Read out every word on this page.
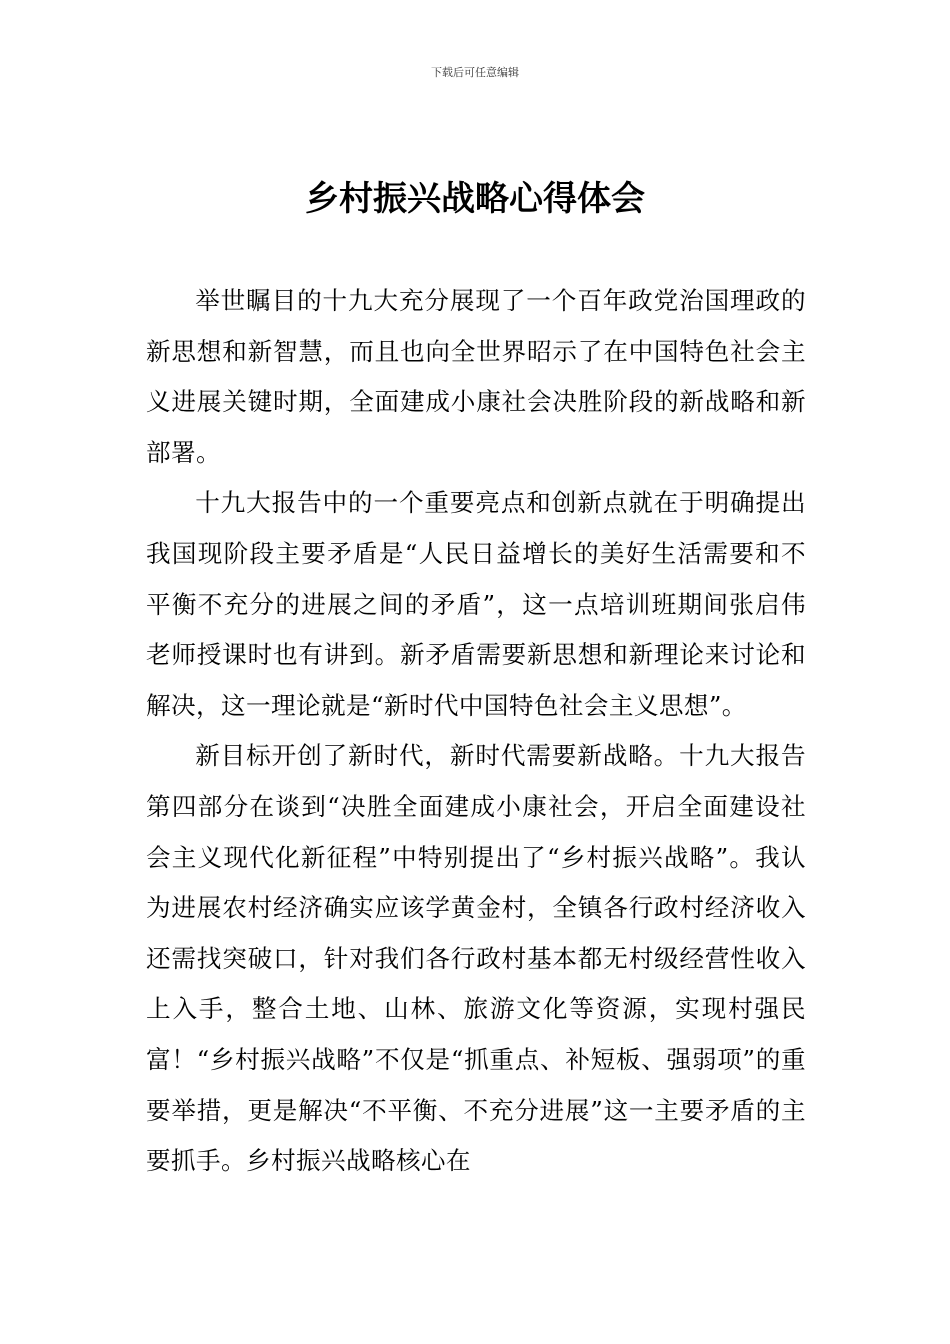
下载后可任意编辑
乡村振兴战略心得体会

举世瞩目的十九大充分展现了一个百年政党治国理政的新思想和新智慧，而且也向全世界昭示了在中国特色社会主义进展关键时期，全面建成小康社会决胜阶段的新战略和新部署。

十九大报告中的一个重要亮点和创新点就在于明确提出我国现阶段主要矛盾是“人民日益增长的美好生活需要和不平衡不充分的进展之间的矛盾”，这一点培训班期间张启伟老师授课时也有讲到。新矛盾需要新思想和新理论来讨论和解决，这一理论就是“新时代中国特色社会主义思想”。

新目标开创了新时代，新时代需要新战略。十九大报告第四部分在谈到“决胜全面建成小康社会，开启全面建设社会主义现代化新征程”中特别提出了“乡村振兴战略”。我认为进展农村经济确实应该学黄金村，全镇各行政村经济收入还需找突破口，针对我们各行政村基本都无村级经营性收入上入手，整合土地、山林、旅游文化等资源，实现村强民富！“乡村振兴战略”不仅是“抓重点、补短板、强弱项”的重要举措，更是解决“不平衡、不充分进展”这一主要矛盾的主要抓手。乡村振兴战略核心在
